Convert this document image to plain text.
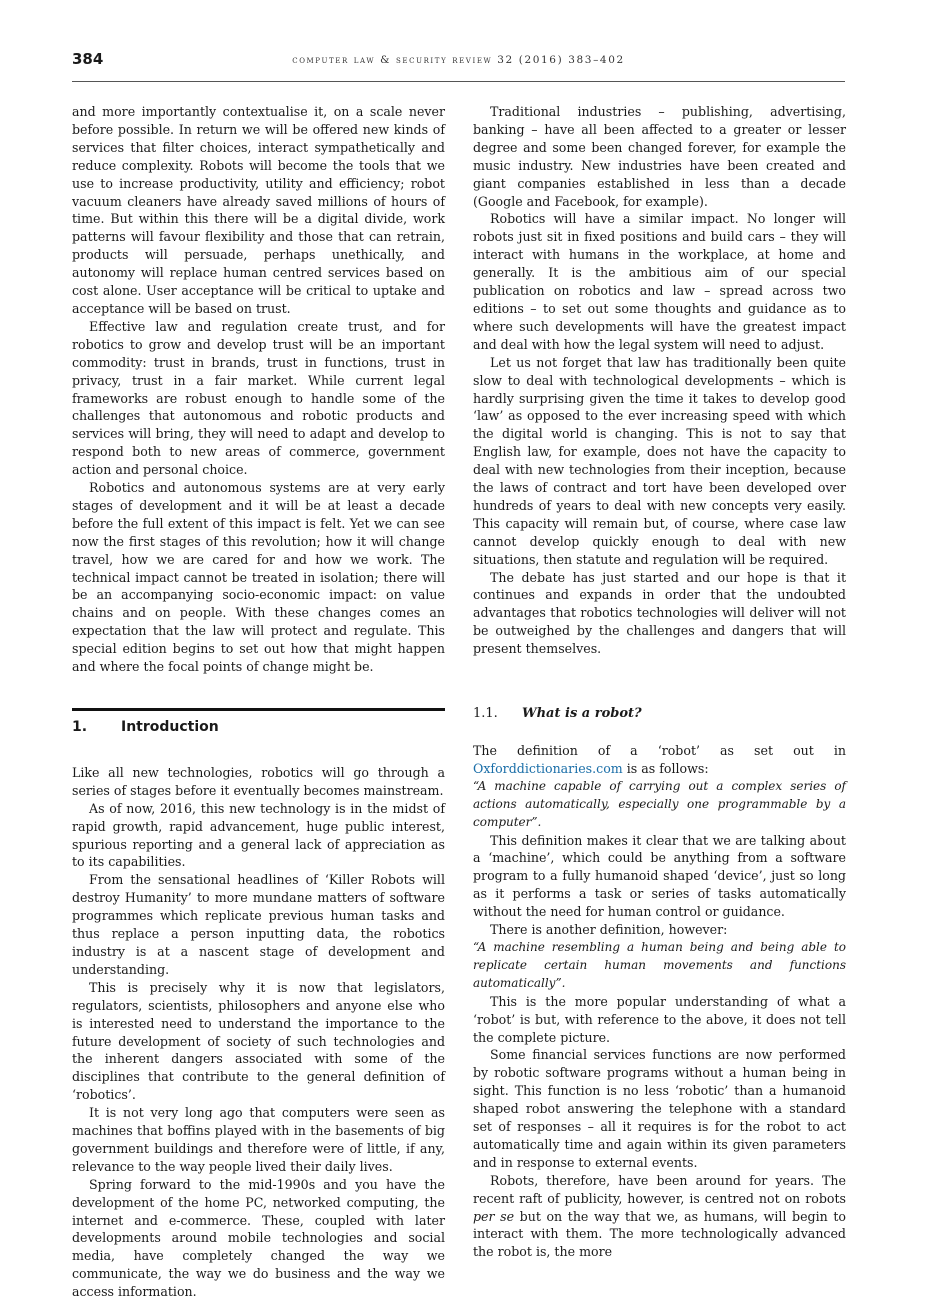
384	computer law & security review 32 (2016) 383–402

and more importantly contextualise it, on a scale never before possible. In return we will be offered new kinds of services that filter choices, interact sympathetically and reduce complexity. Robots will become the tools that we use to increase productivity, utility and efficiency; robot vacuum cleaners have already saved millions of hours of time. But within this there will be a digital divide, work patterns will favour flexibility and those that can retrain, products will persuade, perhaps unethically, and autonomy will replace human centred services based on cost alone. User acceptance will be critical to uptake and acceptance will be based on trust.

Effective law and regulation create trust, and for robotics to grow and develop trust will be an important commodity: trust in brands, trust in functions, trust in privacy, trust in a fair market. While current legal frameworks are robust enough to handle some of the challenges that autonomous and robotic products and services will bring, they will need to adapt and develop to respond both to new areas of commerce, government action and personal choice.

Robotics and autonomous systems are at very early stages of development and it will be at least a decade before the full extent of this impact is felt. Yet we can see now the first stages of this revolution; how it will change travel, how we are cared for and how we work. The technical impact cannot be treated in isolation; there will be an accompanying socio-economic impact: on value chains and on people. With these changes comes an expectation that the law will protect and regulate. This special edition begins to set out how that might happen and where the focal points of change might be.

1. Introduction

Like all new technologies, robotics will go through a series of stages before it eventually becomes mainstream.

As of now, 2016, this new technology is in the midst of rapid growth, rapid advancement, huge public interest, spurious reporting and a general lack of appreciation as to its capabilities.

From the sensational headlines of ‘Killer Robots will destroy Humanity’ to more mundane matters of software programmes which replicate previous human tasks and thus replace a person inputting data, the robotics industry is at a nascent stage of development and understanding.

This is precisely why it is now that legislators, regulators, scientists, philosophers and anyone else who is interested need to understand the importance to the future development of society of such technologies and the inherent dangers associated with some of the disciplines that contribute to the general definition of ‘robotics’.

It is not very long ago that computers were seen as machines that boffins played with in the basements of big government buildings and therefore were of little, if any, relevance to the way people lived their daily lives.

Spring forward to the mid-1990s and you have the development of the home PC, networked computing, the internet and e-commerce. These, coupled with later developments around mobile technologies and social media, have completely changed the way we communicate, the way we do business and the way we access information.

Traditional industries – publishing, advertising, banking – have all been affected to a greater or lesser degree and some been changed forever, for example the music industry. New industries have been created and giant companies established in less than a decade (Google and Facebook, for example).

Robotics will have a similar impact. No longer will robots just sit in fixed positions and build cars – they will interact with humans in the workplace, at home and generally. It is the ambitious aim of our special publication on robotics and law – spread across two editions – to set out some thoughts and guidance as to where such developments will have the greatest impact and deal with how the legal system will need to adjust.

Let us not forget that law has traditionally been quite slow to deal with technological developments – which is hardly surprising given the time it takes to develop good ‘law’ as opposed to the ever increasing speed with which the digital world is changing. This is not to say that English law, for example, does not have the capacity to deal with new technologies from their inception, because the laws of contract and tort have been developed over hundreds of years to deal with new concepts very easily. This capacity will remain but, of course, where case law cannot develop quickly enough to deal with new situations, then statute and regulation will be required.

The debate has just started and our hope is that it continues and expands in order that the undoubted advantages that robotics technologies will deliver will not be outweighed by the challenges and dangers that will present themselves.

1.1. What is a robot?

The definition of a ‘robot’ as set out in Oxforddictionaries.com is as follows:

“A machine capable of carrying out a complex series of actions automatically, especially one programmable by a computer”.

This definition makes it clear that we are talking about a ‘machine’, which could be anything from a software program to a fully humanoid shaped ‘device’, just so long as it performs a task or series of tasks automatically without the need for human control or guidance.

There is another definition, however:

“A machine resembling a human being and being able to replicate certain human movements and functions automatically”.

This is the more popular understanding of what a ‘robot’ is but, with reference to the above, it does not tell the complete picture.

Some financial services functions are now performed by robotic software programs without a human being in sight. This function is no less ‘robotic’ than a humanoid shaped robot answering the telephone with a standard set of responses – all it requires is for the robot to act automatically time and again within its given parameters and in response to external events.

Robots, therefore, have been around for years. The recent raft of publicity, however, is centred not on robots per se but on the way that we, as humans, will begin to interact with them. The more technologically advanced the robot is, the more
